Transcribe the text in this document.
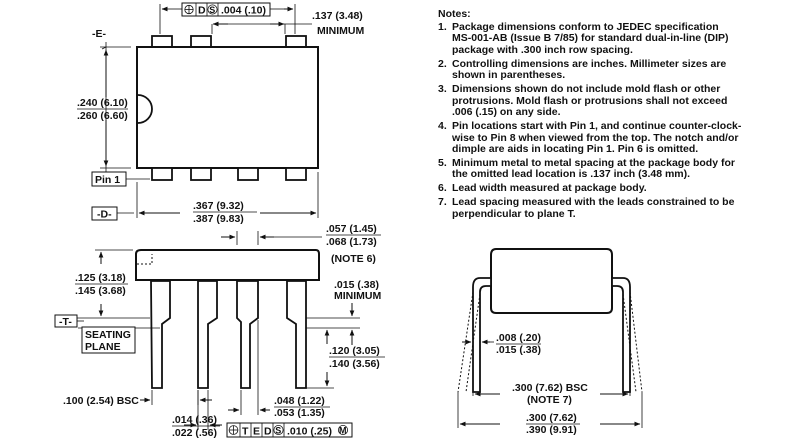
-E-
.240 (6.10)
.260 (6.60)
D S .004 (.10)	.137 (3.48)
MINIMUM
Pin 1
-D-
.367 (9.32)
.387 (9.83)
.057 (1.45)
.068 (1.73)
(NOTE 6)
.125 (3.18)
.145 (3.68)
-T-
SEATING
PLANE
.015 (.38)
MINIMUM
.120 (3.05)
.140 (3.56)
.100 (2.54) BSC
.014 (.36)
.022 (.56)
.048 (1.22)
.053 (1.35)
T E D S .010 (.25) M
.008 (.20)
.015 (.38)
.300 (7.62) BSC
(NOTE 7)
.300 (7.62)
.390 (9.91)
Notes:
1. Package dimensions conform to JEDEC specification
MS-001-AB (Issue B 7/85) for standard dual-in-line (DIP)
package with .300 inch row spacing.
2. Controlling dimensions are inches. Millimeter sizes are
shown in parentheses.
3. Dimensions shown do not include mold flash or other
protrusions. Mold flash or protrusions shall not exceed
.006 (.15) on any side.
4. Pin locations start with Pin 1, and continue counter-clock-
wise to Pin 8 when viewed from the top. The notch and/or
dimple are aids in locating Pin 1. Pin 6 is omitted.
5. Minimum metal to metal spacing at the package body for
the omitted lead location is .137 inch (3.48 mm).
6. Lead width measured at package body.
7. Lead spacing measured with the leads constrained to be
perpendicular to plane T.
